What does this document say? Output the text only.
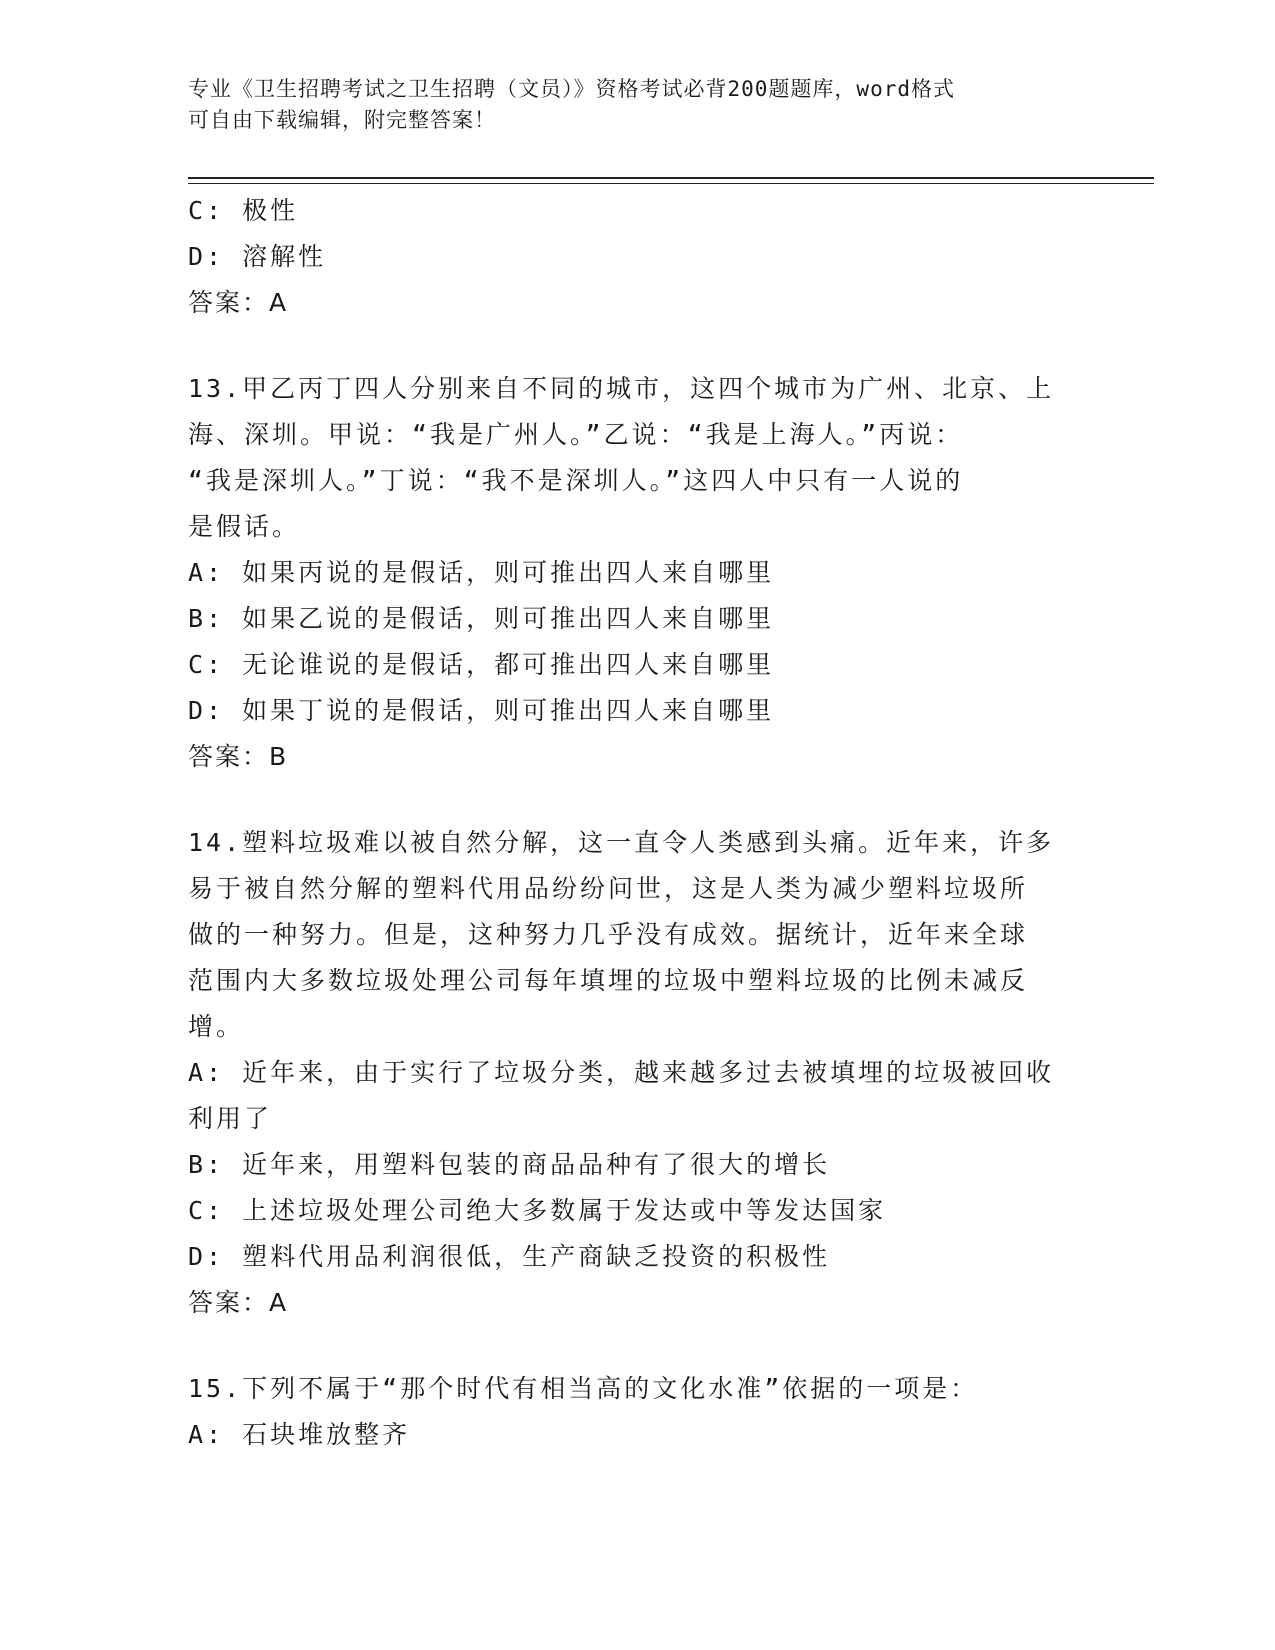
专业《卫生招聘考试之卫生招聘（文员）》资格考试必背200题题库，word格式
可自由下载编辑，附完整答案！
C: 极性
D: 溶解性
答案：A
13.甲乙丙丁四人分别来自不同的城市，这四个城市为广州、北京、上
海、深圳。甲说：“我是广州人。”乙说：“我是上海人。”丙说：
“我是深圳人。”丁说：“我不是深圳人。”这四人中只有一人说的
是假话。
A: 如果丙说的是假话，则可推出四人来自哪里
B: 如果乙说的是假话，则可推出四人来自哪里
C: 无论谁说的是假话，都可推出四人来自哪里
D: 如果丁说的是假话，则可推出四人来自哪里
答案：B
14.塑料垃圾难以被自然分解，这一直令人类感到头痛。近年来，许多
易于被自然分解的塑料代用品纷纷问世，这是人类为减少塑料垃圾所
做的一种努力。但是，这种努力几乎没有成效。据统计，近年来全球
范围内大多数垃圾处理公司每年填埋的垃圾中塑料垃圾的比例未减反
增。
A: 近年来，由于实行了垃圾分类，越来越多过去被填埋的垃圾被回收
利用了
B: 近年来，用塑料包装的商品品种有了很大的增长
C: 上述垃圾处理公司绝大多数属于发达或中等发达国家
D: 塑料代用品利润很低，生产商缺乏投资的积极性
答案：A
15.下列不属于“那个时代有相当高的文化水准”依据的一项是：
A: 石块堆放整齐
